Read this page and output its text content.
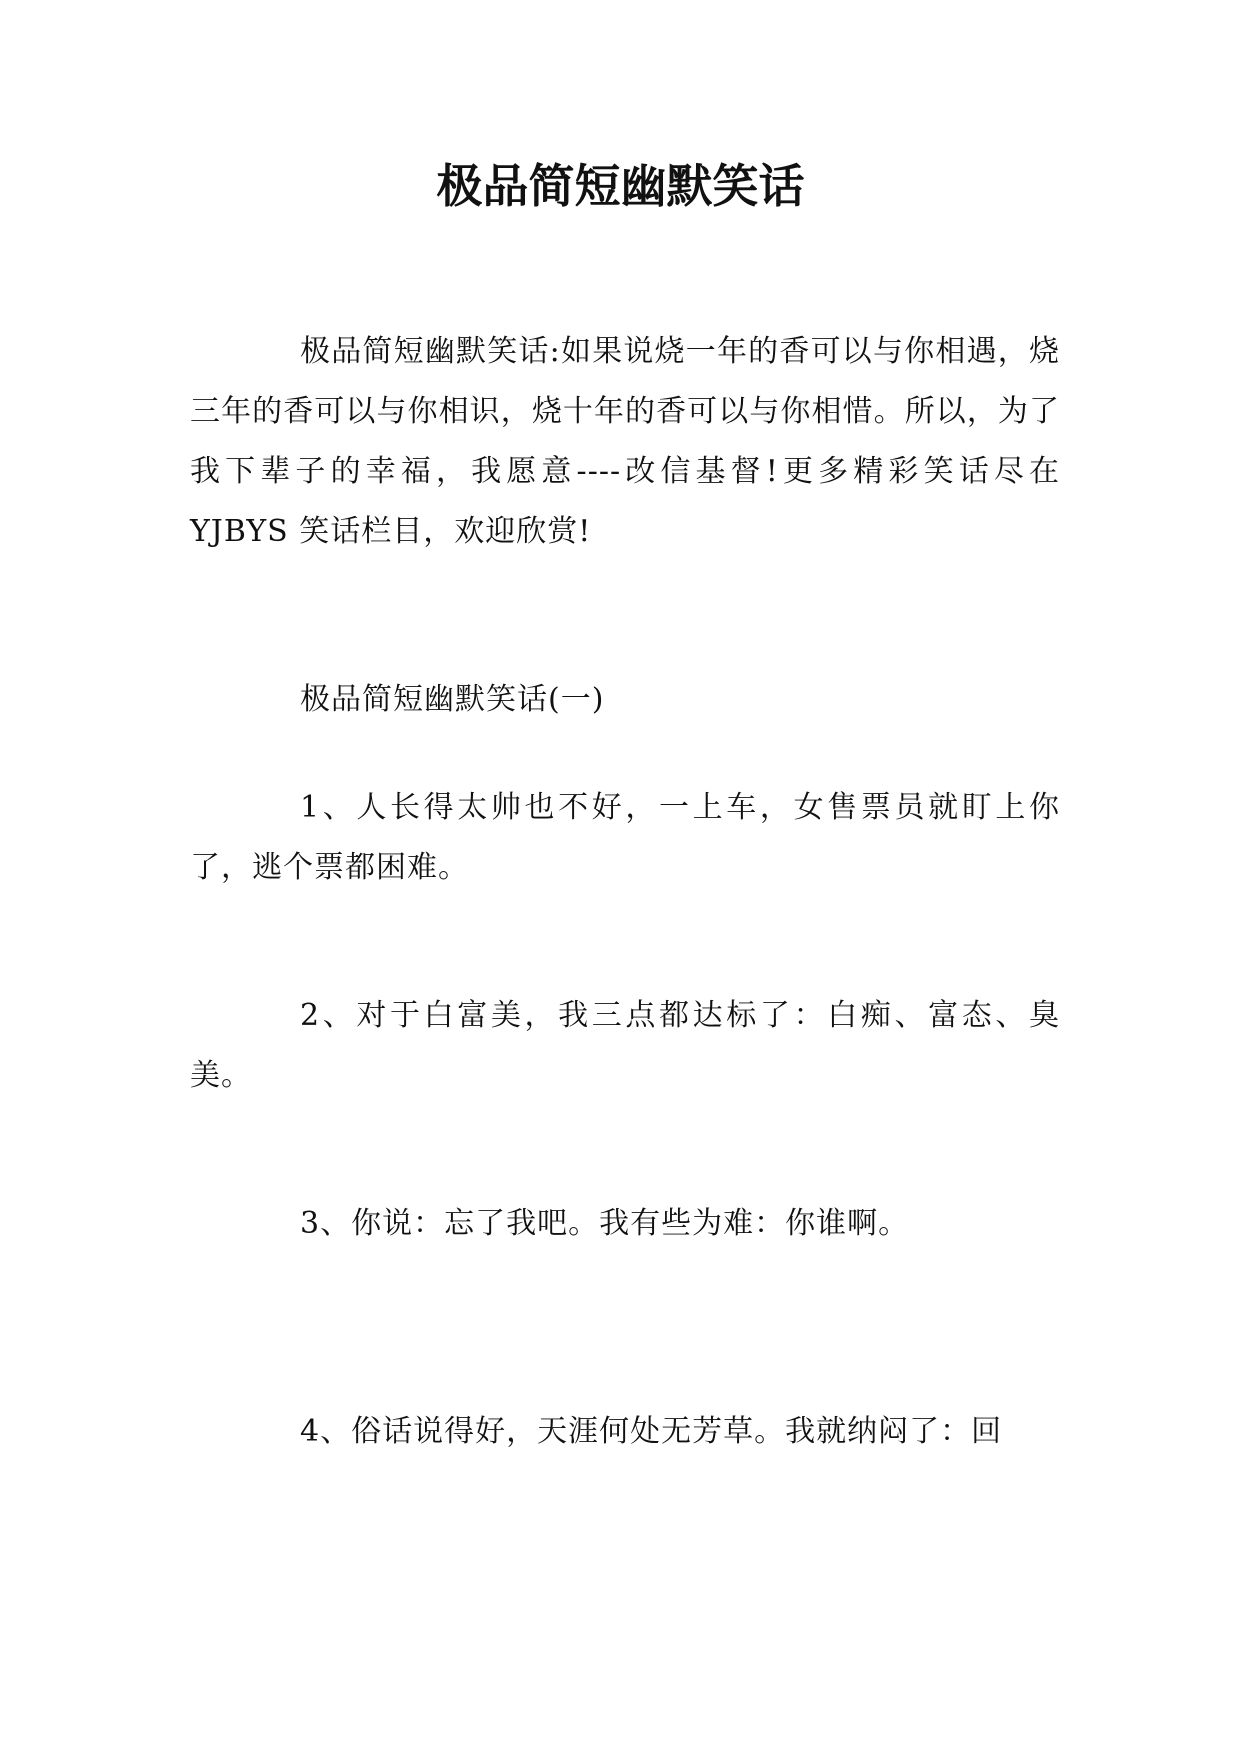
极品简短幽默笑话
极品简短幽默笑话:如果说烧一年的香可以与你相遇，烧三年的香可以与你相识，烧十年的香可以与你相惜。所以，为了我下辈子的幸福，我愿意----改信基督!更多精彩笑话尽在 YJBYS 笑话栏目，欢迎欣赏!
极品简短幽默笑话(一)
1、人长得太帅也不好，一上车，女售票员就盯上你了，逃个票都困难。
2、对于白富美，我三点都达标了：白痴、富态、臭美。
3、你说：忘了我吧。我有些为难：你谁啊。
4、俗话说得好，天涯何处无芳草。我就纳闷了：回
